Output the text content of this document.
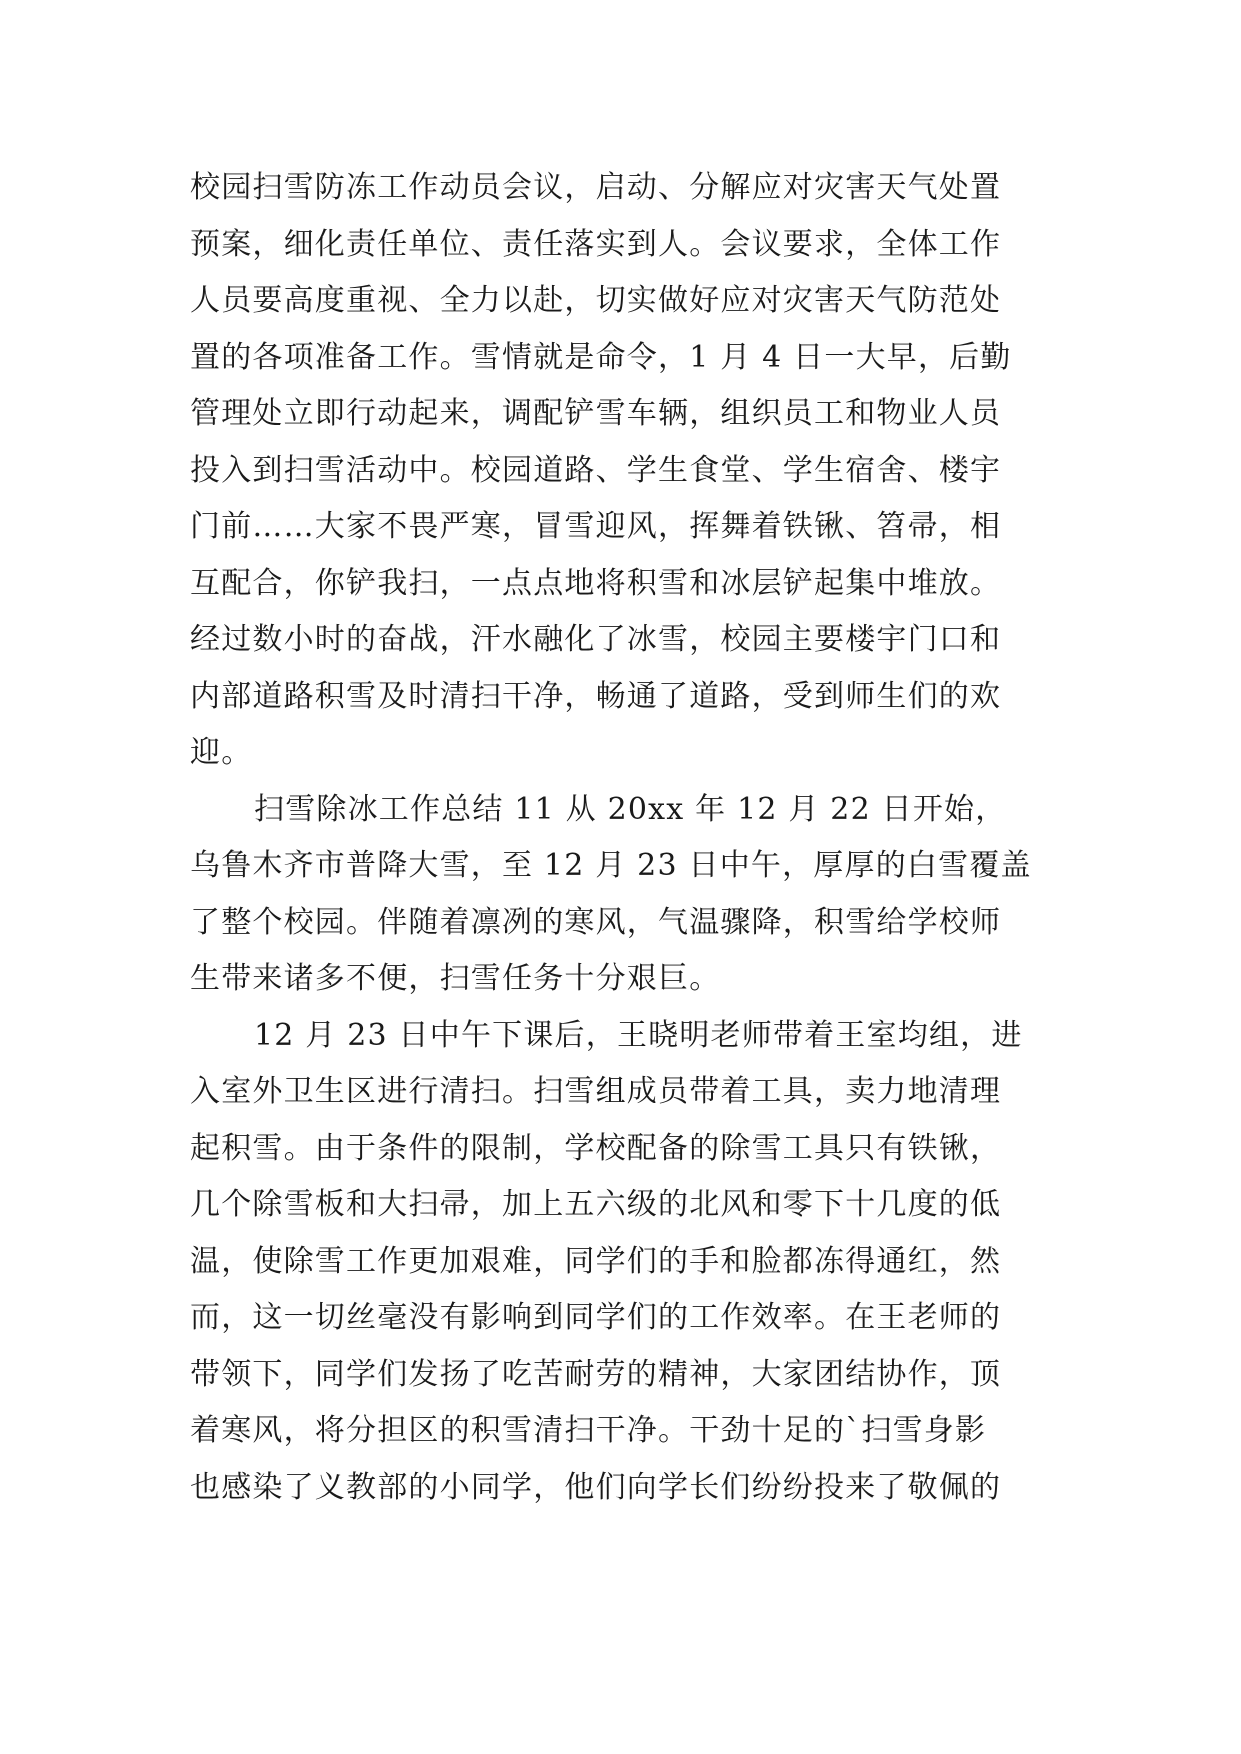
校园扫雪防冻工作动员会议，启动、分解应对灾害天气处置
预案，细化责任单位、责任落实到人。会议要求，全体工作
人员要高度重视、全力以赴，切实做好应对灾害天气防范处
置的各项准备工作。雪情就是命令，1 月 4 日一大早，后勤
管理处立即行动起来，调配铲雪车辆，组织员工和物业人员
投入到扫雪活动中。校园道路、学生食堂、学生宿舍、楼宇
门前……大家不畏严寒，冒雪迎风，挥舞着铁锹、笤帚，相
互配合，你铲我扫，一点点地将积雪和冰层铲起集中堆放。
经过数小时的奋战，汗水融化了冰雪，校园主要楼宇门口和
内部道路积雪及时清扫干净，畅通了道路，受到师生们的欢
迎。
扫雪除冰工作总结 11 从 20xx 年 12 月 22 日开始，
乌鲁木齐市普降大雪，至 12 月 23 日中午，厚厚的白雪覆盖
了整个校园。伴随着凛冽的寒风，气温骤降，积雪给学校师
生带来诸多不便，扫雪任务十分艰巨。
12 月 23 日中午下课后，王晓明老师带着王室均组，进
入室外卫生区进行清扫。扫雪组成员带着工具，卖力地清理
起积雪。由于条件的限制，学校配备的除雪工具只有铁锹，
几个除雪板和大扫帚，加上五六级的北风和零下十几度的低
温，使除雪工作更加艰难，同学们的手和脸都冻得通红，然
而，这一切丝毫没有影响到同学们的工作效率。在王老师的
带领下，同学们发扬了吃苦耐劳的精神，大家团结协作，顶
着寒风，将分担区的积雪清扫干净。干劲十足的`扫雪身影
也感染了义教部的小同学，他们向学长们纷纷投来了敬佩的
